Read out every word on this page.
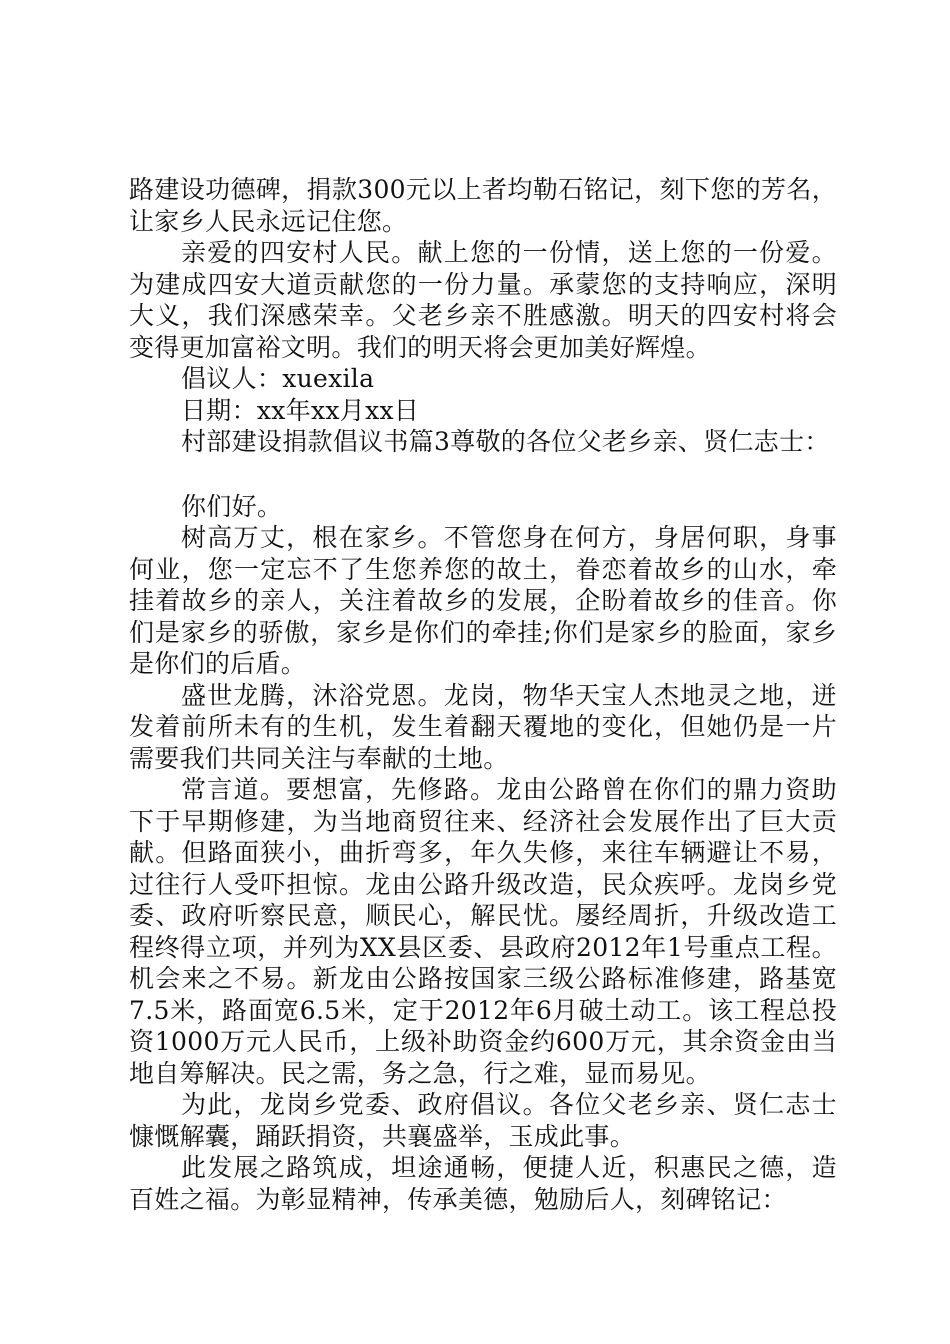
路建设功德碑，捐款300元以上者均勒石铭记，刻下您的芳名，让家乡人民永远记住您。

亲爱的四安村人民。献上您的一份情，送上您的一份爱。为建成四安大道贡献您的一份力量。承蒙您的支持响应，深明大义，我们深感荣幸。父老乡亲不胜感激。明天的四安村将会变得更加富裕文明。我们的明天将会更加美好辉煌。

倡议人：xuexila

日期：xx年xx月xx日

村部建设捐款倡议书篇3尊敬的各位父老乡亲、贤仁志士：

你们好。

树高万丈，根在家乡。不管您身在何方，身居何职，身事何业，您一定忘不了生您养您的故土，眷恋着故乡的山水，牵挂着故乡的亲人，关注着故乡的发展，企盼着故乡的佳音。你们是家乡的骄傲，家乡是你们的牵挂;你们是家乡的脸面，家乡是你们的后盾。

盛世龙腾，沐浴党恩。龙岗，物华天宝人杰地灵之地，迸发着前所未有的生机，发生着翻天覆地的变化，但她仍是一片需要我们共同关注与奉献的土地。

常言道。要想富，先修路。龙由公路曾在你们的鼎力资助下于早期修建，为当地商贸往来、经济社会发展作出了巨大贡献。但路面狭小，曲折弯多，年久失修，来往车辆避让不易，过往行人受吓担惊。龙由公路升级改造，民众疾呼。龙岗乡党委、政府听察民意，顺民心，解民忧。屡经周折，升级改造工程终得立项，并列为XX县区委、县政府2012年1号重点工程。机会来之不易。新龙由公路按国家三级公路标准修建，路基宽7.5米，路面宽6.5米，定于2012年6月破土动工。该工程总投资1000万元人民币，上级补助资金约600万元，其余资金由当地自筹解决。民之需，务之急，行之难，显而易见。

为此，龙岗乡党委、政府倡议。各位父老乡亲、贤仁志士慷慨解囊，踊跃捐资，共襄盛举，玉成此事。

此发展之路筑成，坦途通畅，便捷人近，积惠民之德，造百姓之福。为彰显精神，传承美德，勉励后人，刻碑铭记：
